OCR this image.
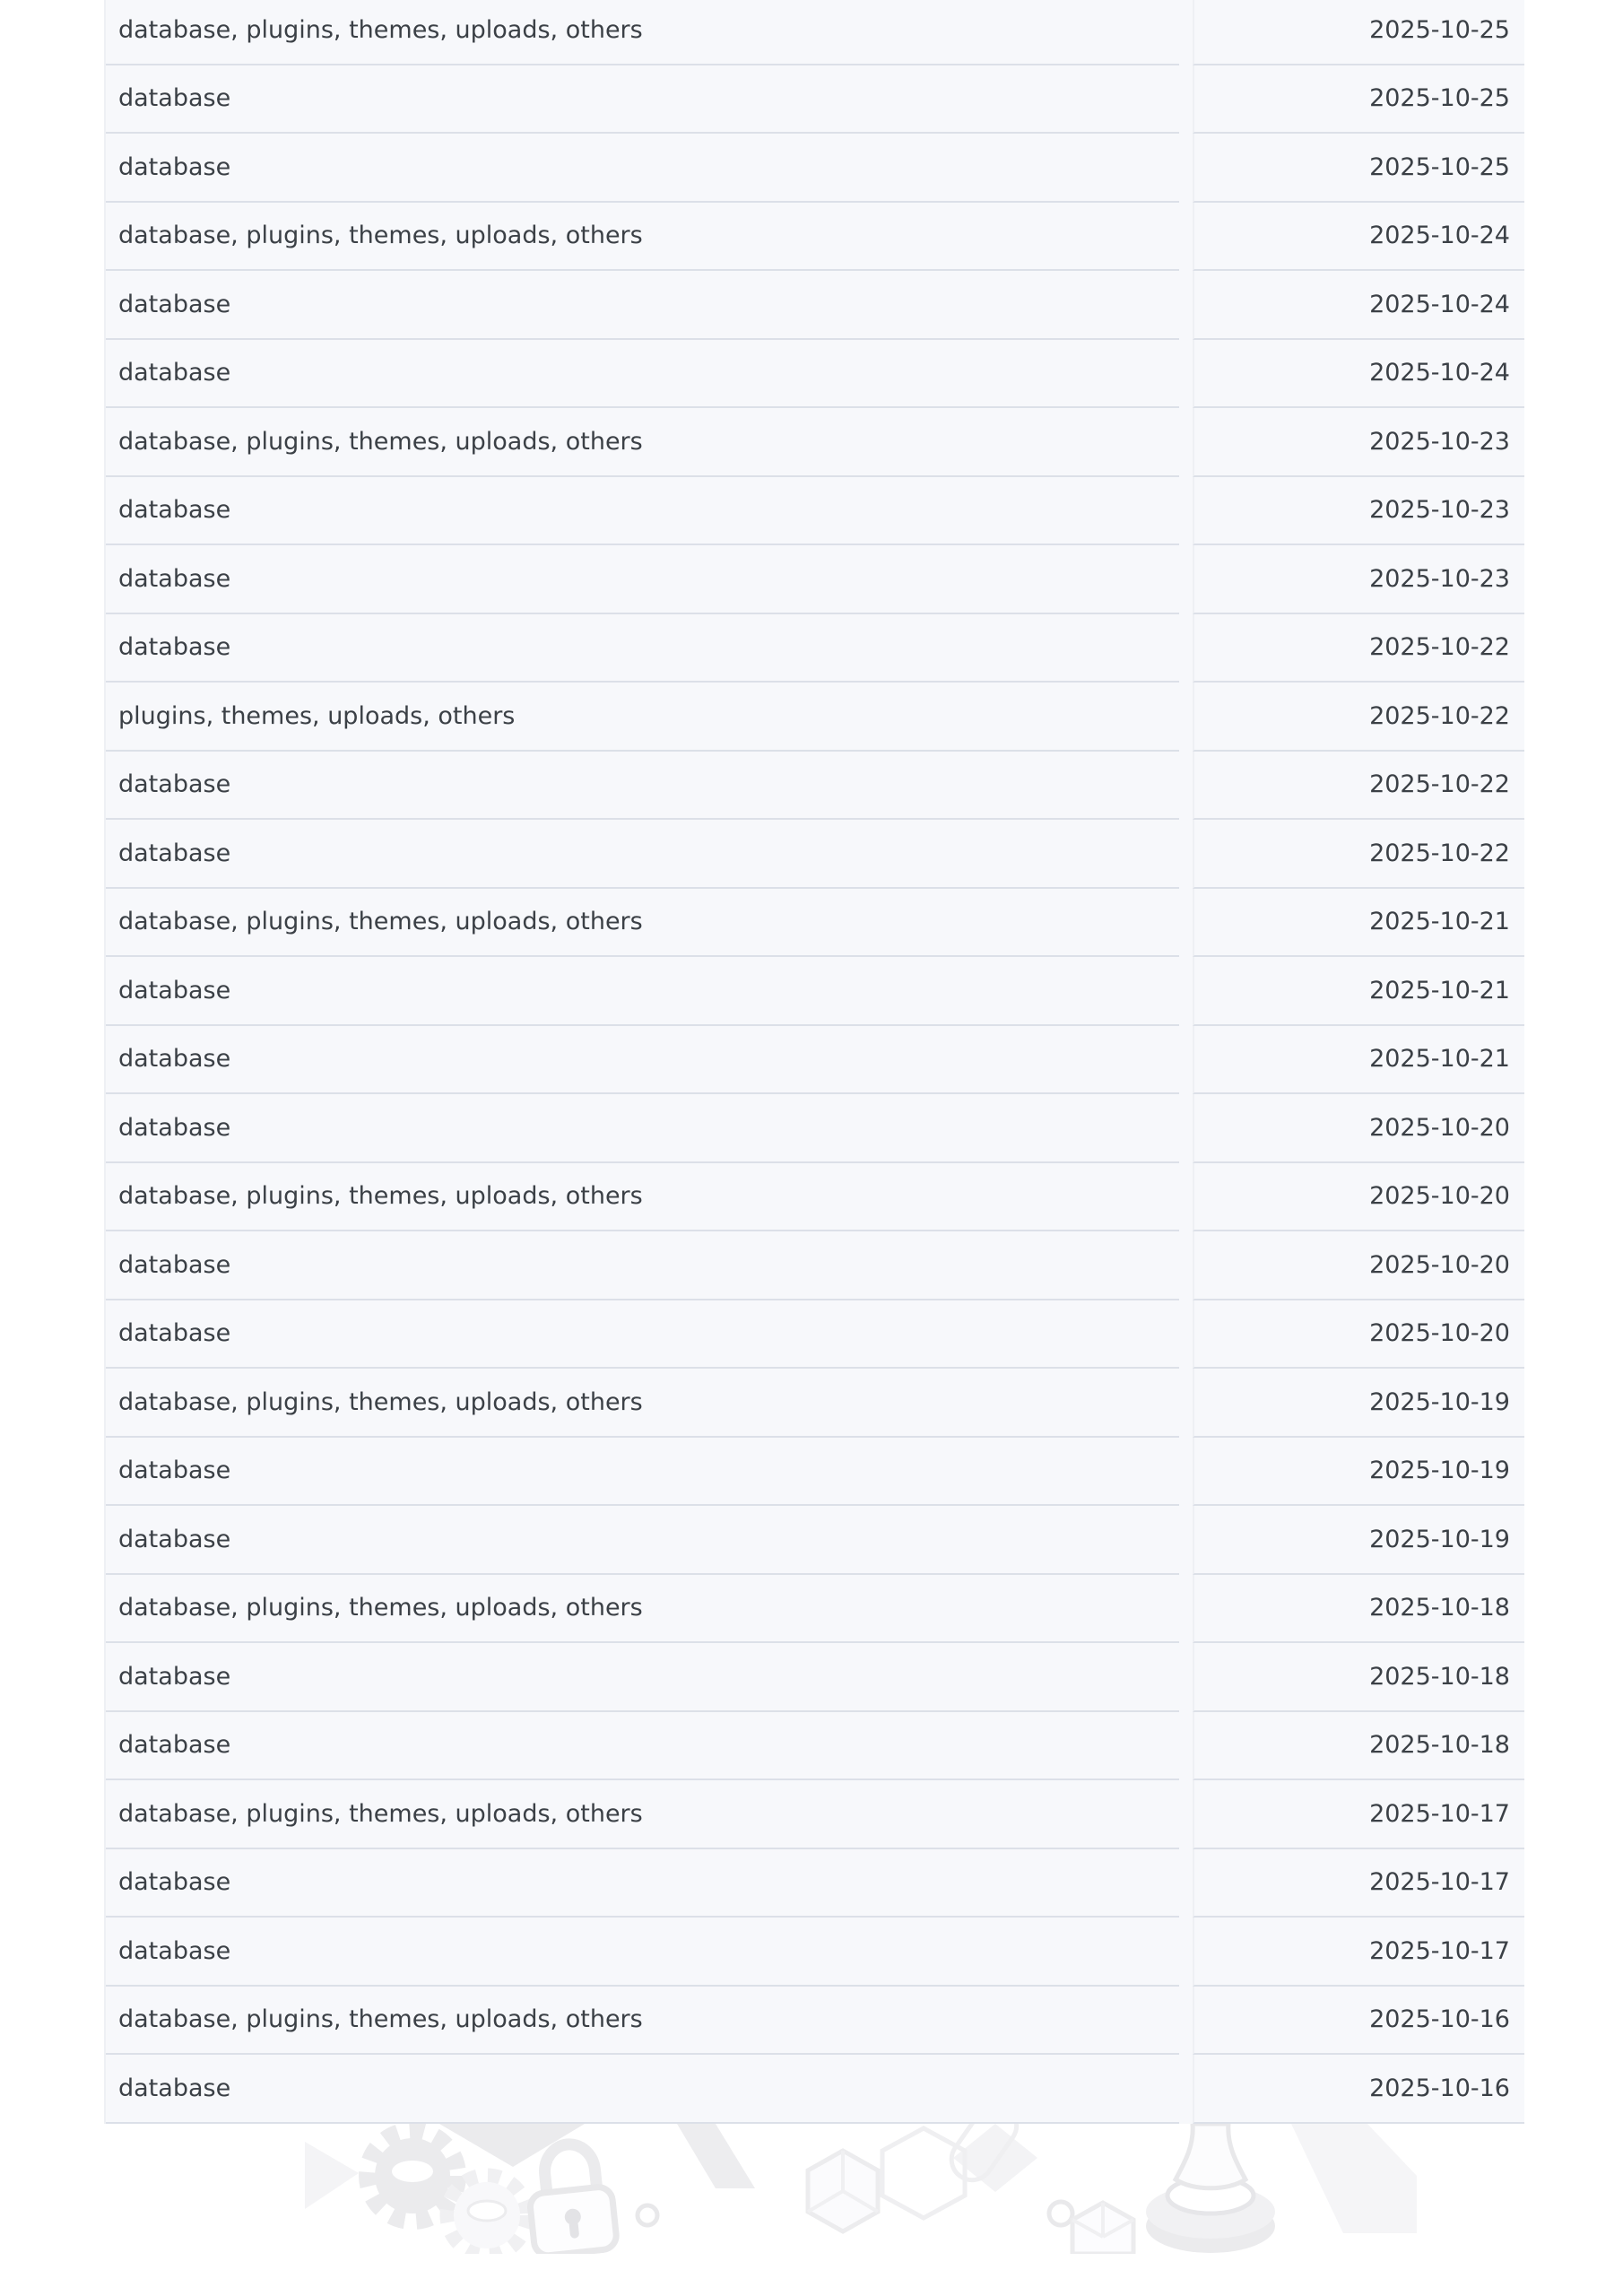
database, plugins, themes, uploads, others	2025-10-25
database	2025-10-25
database	2025-10-25
database, plugins, themes, uploads, others	2025-10-24
database	2025-10-24
database	2025-10-24
database, plugins, themes, uploads, others	2025-10-23
database	2025-10-23
database	2025-10-23
database	2025-10-22
plugins, themes, uploads, others	2025-10-22
database	2025-10-22
database	2025-10-22
database, plugins, themes, uploads, others	2025-10-21
database	2025-10-21
database	2025-10-21
database	2025-10-20
database, plugins, themes, uploads, others	2025-10-20
database	2025-10-20
database	2025-10-20
database, plugins, themes, uploads, others	2025-10-19
database	2025-10-19
database	2025-10-19
database, plugins, themes, uploads, others	2025-10-18
database	2025-10-18
database	2025-10-18
database, plugins, themes, uploads, others	2025-10-17
database	2025-10-17
database	2025-10-17
database, plugins, themes, uploads, others	2025-10-16
database	2025-10-16
